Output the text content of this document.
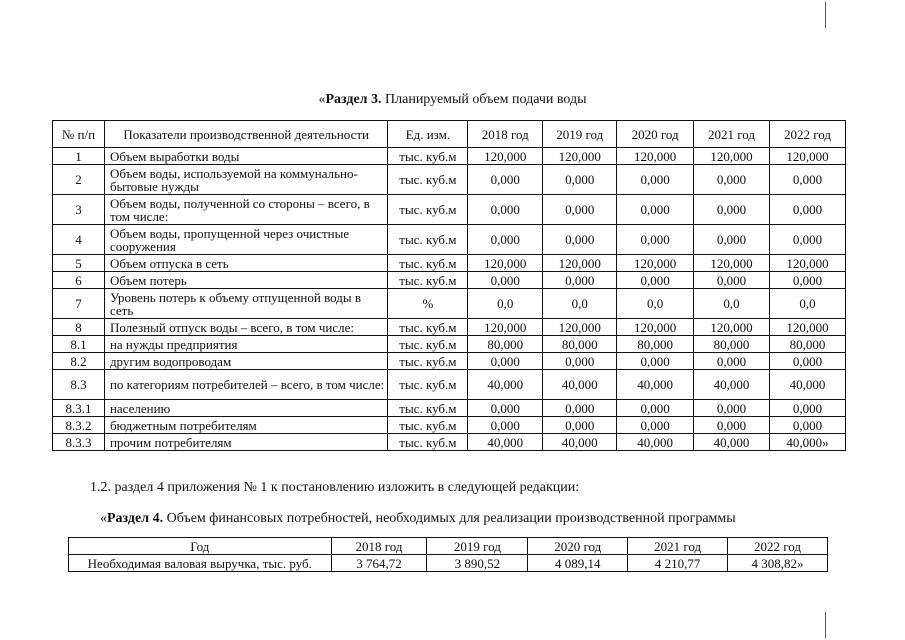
«Раздел 3. Планируемый объем подачи воды
№ п/п	Показатели производственной деятельности	Ед. изм.	2018 год	2019 год	2020 год	2021 год	2022 год
1	Объем выработки воды	тыс. куб.м	120,000	120,000	120,000	120,000	120,000
2	Объем воды, используемой на коммунально-бытовые нужды	тыс. куб.м	0,000	0,000	0,000	0,000	0,000
3	Объем воды, полученной со стороны – всего, в том числе:	тыс. куб.м	0,000	0,000	0,000	0,000	0,000
4	Объем воды, пропущенной через очистные сооружения	тыс. куб.м	0,000	0,000	0,000	0,000	0,000
5	Объем отпуска в сеть	тыс. куб.м	120,000	120,000	120,000	120,000	120,000
6	Объем потерь	тыс. куб.м	0,000	0,000	0,000	0,000	0,000
7	Уровень потерь к объему отпущенной воды в сеть	%	0,0	0,0	0,0	0,0	0,0
8	Полезный отпуск воды – всего, в том числе:	тыс. куб.м	120,000	120,000	120,000	120,000	120,000
8.1	на нужды предприятия	тыс. куб.м	80,000	80,000	80,000	80,000	80,000
8.2	другим водопроводам	тыс. куб.м	0,000	0,000	0,000	0,000	0,000
8.3	по категориям потребителей – всего, в том числе:	тыс. куб.м	40,000	40,000	40,000	40,000	40,000
8.3.1	населению	тыс. куб.м	0,000	0,000	0,000	0,000	0,000
8.3.2	бюджетным потребителям	тыс. куб.м	0,000	0,000	0,000	0,000	0,000
8.3.3	прочим потребителям	тыс. куб.м	40,000	40,000	40,000	40,000	40,000»
1.2. раздел 4 приложения № 1 к постановлению изложить в следующей редакции:
«Раздел 4. Объем финансовых потребностей, необходимых для реализации производственной программы
Год	2018 год	2019 год	2020 год	2021 год	2022 год
Необходимая валовая выручка, тыс. руб.	3 764,72	3 890,52	4 089,14	4 210,77	4 308,82»
